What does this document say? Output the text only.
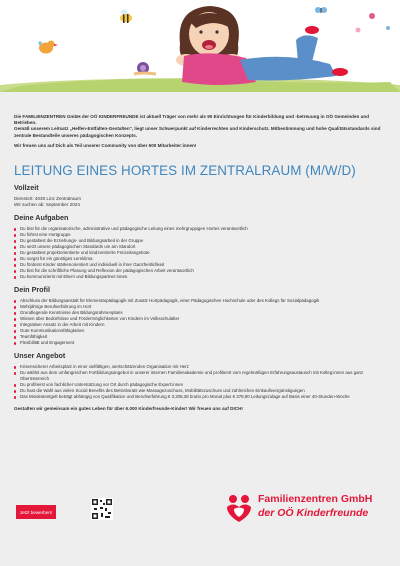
Die FAMILIENZENTREN GmbH der OÖ KINDERFREUNDE ist aktuell Träger von mehr als 90 Einrichtungen für Kinderbildung und -betreuung in OÖ Gemeinden und Betrieben.
Gemäß unserem Leitsatz „Helfen-Entfalten-Gestalten", liegt unser Schwerpunkt auf Kinderrechten und Kinderschutz. Mitbestimmung und hohe Qualitätsstandards sind zentrale Bestandteile unseres pädagogischen Konzepts.

Wir freuen uns auf Dich als Teil unserer Community von über 600 Mitarbeiter:innen!

LEITUNG EINES HORTES IM ZENTRALRAUM (M/W/D)
Vollzeit
Dienstort: 4030 Linz Zentralraum
Wir suchen ab: September 2024
Deine Aufgaben
Du bist für die organisatorische, administrative und pädagogische Leitung eines mehrgruppigen Hortes verantwortlich
Du führst eine Hortgruppe
Du gestaltest die Erziehungs- und Bildungsarbeit in der Gruppe
Du setzt unsere pädagogischen Standards um am Standort
Du gestaltest projektorientierte und kindzentrierte Freizeitangebote
Du sorgst für ein günstiges Lernklima
Du förderst Kinder stärkenorientiert und individuell in ihrer Ganzheitlichkeit
Du bist für die schriftliche Planung und Reflexion der pädagogischen Arbeit verantwortlich
Du kommunizierst mit Eltern und Bildungspartner:innen
Dein Profil
Abschluss der Bildungsanstalt für Elementarpädagogik mit Zusatz Hortpädagogik, einer Pädagogischen Hochschule oder des Kollegs für Sozialpädagogik
Mehrjährige Berufserfahrung im Hort
Grundlegende Kenntnisse des Bildungsrahmenplans
Wissen über Bedürfnisse und Fördermöglichkeiten von Kindern im Volksschulalter
Integrativer Ansatz in der Arbeit mit Kindern
Gute Kommunikationsfähigkeiten
Teamfähigkeit
Flexibilität und Engagement
Unser Angebot
Krisensicherer Arbeitsplatz in einer vielfältigen, wertschätzenden Organisation mit Herz
Du wählst aus dem umfangreichen Fortbildungsangebot in unserer internen Familienakademie und profitierst vom regelmäßigen Erfahrungsaustausch mit Kolleg:innen aus ganz Oberösterreich
Du profitierst von fachlicher Unterstützung vor Ort durch pädagogische Expert:innen
Du hast die Wahl aus vielen Social Benefits des Betriebsrats wie Massagezuschuss, Mobilitätszuschuss und zahlreichen Einkaufsvergünstigungen
Das Mindestentgelt beträgt abhängig von Qualifikation und Berufserfahrung € 3.208,38 brutto pro Monat plus € 378,90 Leitungszulage auf Basis einer 40-Stunden-Woche
Gestalten wir gemeinsam ein gutes Leben für über 6.000 Kinderfreunde-Kinder! Wir freuen uns auf DICH!
Jetzt bewerben!
Familienzentren GmbH
der OÖ Kinderfreunde
